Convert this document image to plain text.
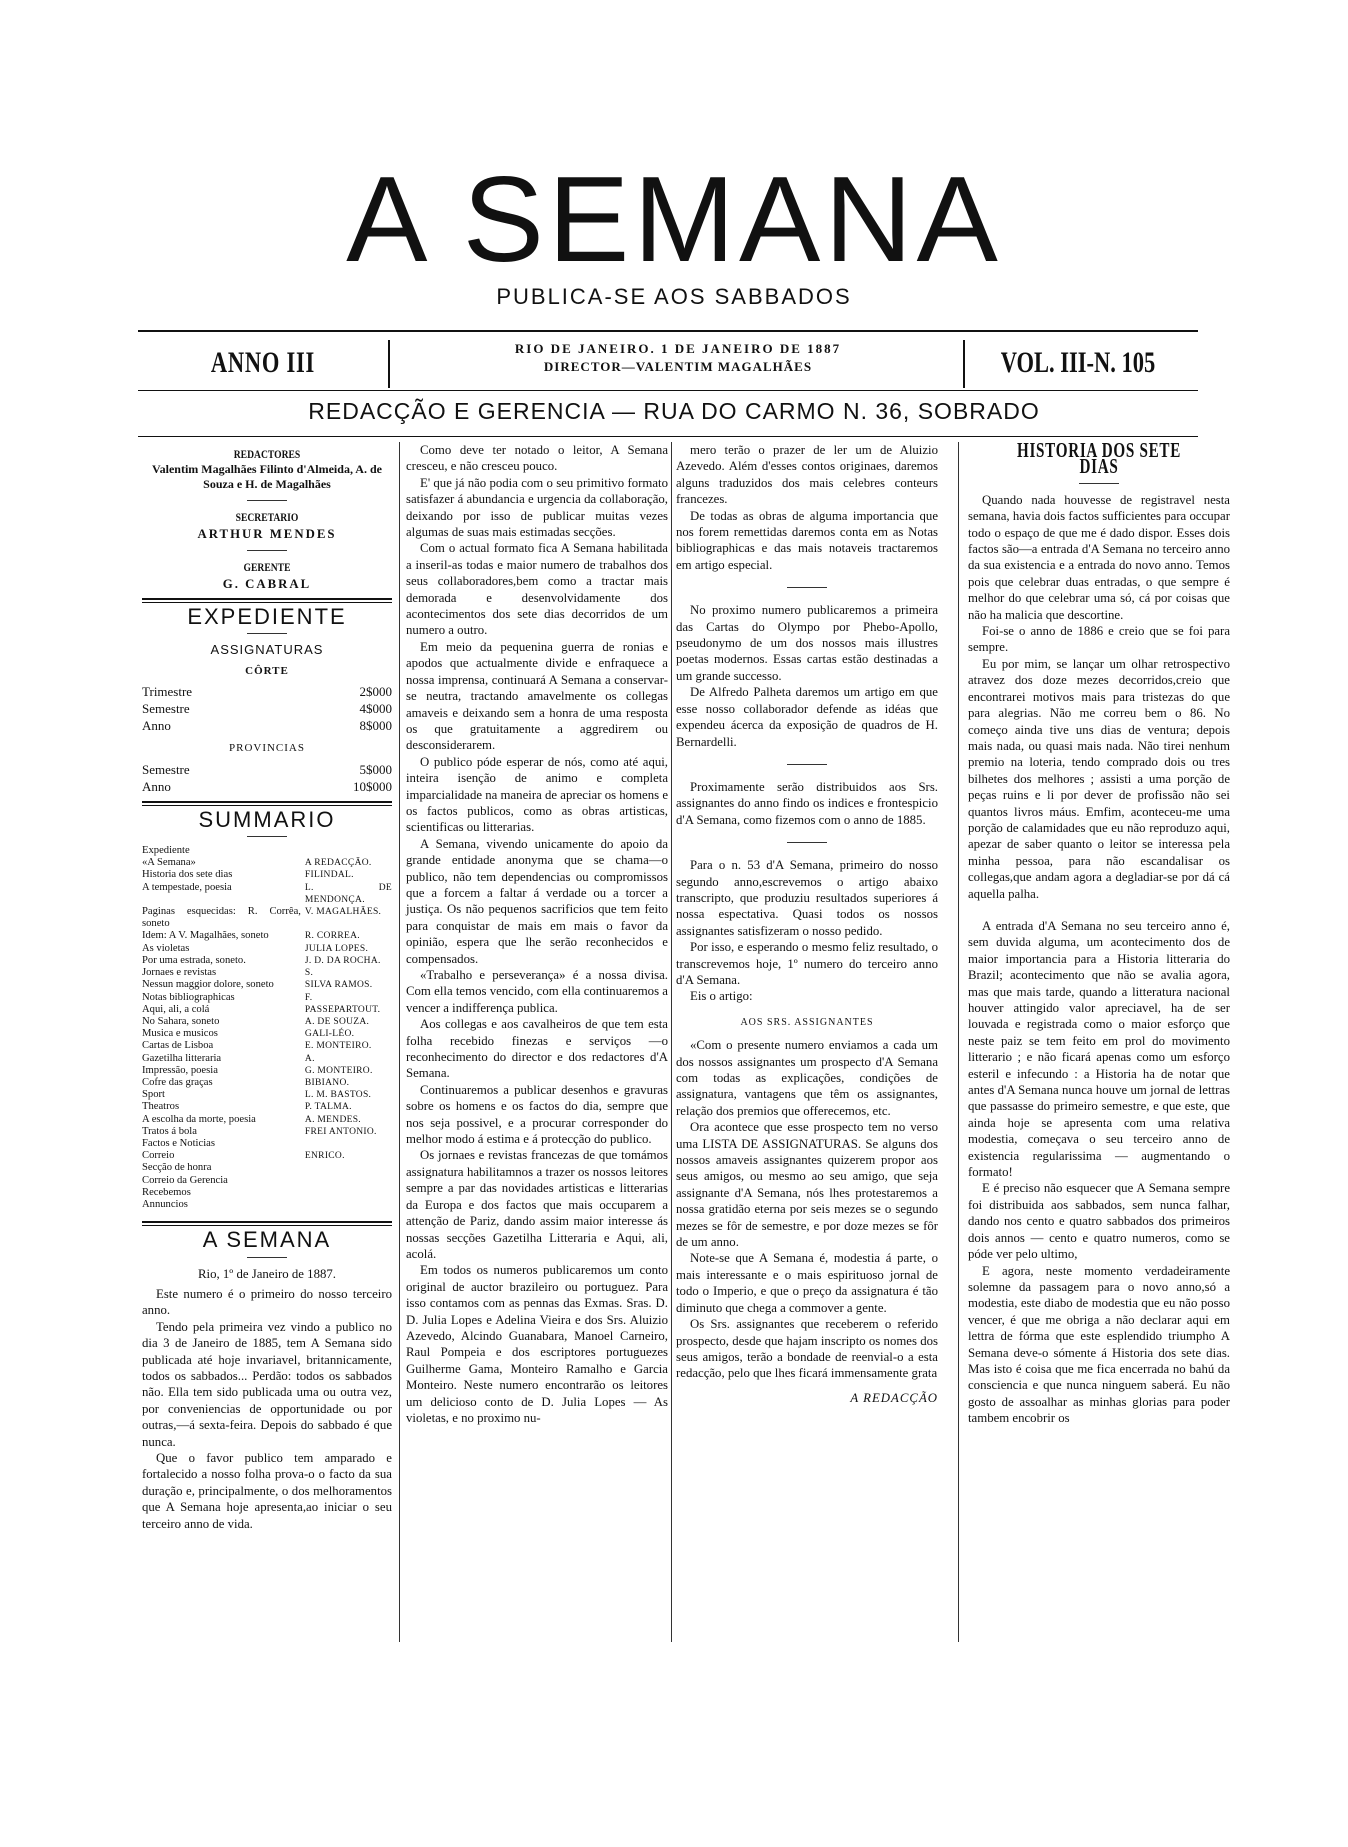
A SEMANA
PUBLICA-SE AOS SABBADOS
ANNO III	RIO DE JANEIRO. 1 DE JANEIRO DE 1887
DIRECTOR—VALENTIM MAGALHÃES	VOL. III-N. 105
REDACÇÃO E GERENCIA — RUA DO CARMO N. 36, SOBRADO

REDACTORES

Valentim Magalhães Filinto d'Almeida, A. de Souza e H. de Magalhães

SECRETARIO

ARTHUR MENDES

GERENTE

G. CABRAL

EXPEDIENTE

ASSIGNATURAS

CÔRTE

Trimestre	2$000
Semestre	4$000
Anno	8$000

PROVINCIAS

Semestre	5$000
Anno	10$000
SUMMARIO
Expediente	
«A Semana»	A REDACÇÃO.
Historia dos sete dias	FILINDAL.
A tempestade, poesia	L. DE MENDONÇA.
Paginas esquecidas: R. Corrêa, soneto	V. MAGALHÃES.
Idem: A V. Magalhães, soneto	R. CORREA.
As violetas	JULIA LOPES.
Por uma estrada, soneto.	J. D. DA ROCHA.
Jornaes e revistas	S.
Nessun maggior dolore, soneto	SILVA RAMOS.
Notas bibliographicas	F.
Aqui, ali, a colá	PASSEPARTOUT.
No Sahara, soneto	A. DE SOUZA.
Musica e musicos	GALI-LÉO.
Cartas de Lisboa	E. MONTEIRO.
Gazetilha litteraria	A.
Impressão, poesia	G. MONTEIRO.
Cofre das graças	BIBIANO.
Sport	L. M. BASTOS.
Theatros	P. TALMA.
A escolha da morte, poesia	A. MENDES.
Tratos á bola	FREI ANTONIO.
Factos e Noticias	
Correio	ENRICO.
Secção de honra	
Correio da Gerencia	
Recebemos	
Annuncios	
A SEMANA

Rio, 1º de Janeiro de 1887.

Este numero é o primeiro do nosso terceiro anno.

Tendo pela primeira vez vindo a publico no dia 3 de Janeiro de 1885, tem A Semana sido publicada até hoje invariavel, britannicamente, todos os sabbados... Perdão: todos os sabbados não. Ella tem sido publicada uma ou outra vez, por conveniencias de opportunidade ou por outras,—á sexta-feira. Depois do sabbado é que nunca.

Que o favor publico tem amparado e fortalecido a nosso folha prova-o o facto da sua duração e, principalmente, o dos melhoramentos que A Semana hoje apresenta,ao iniciar o seu terceiro anno de vida.

Como deve ter notado o leitor, A Semana cresceu, e não cresceu pouco.

E' que já não podia com o seu primitivo formato satisfazer á abundancia e urgencia da collaboração, deixando por isso de publicar muitas vezes algumas de suas mais estimadas secções.

Com o actual formato fica A Semana habilitada a inseril-as todas e maior numero de trabalhos dos seus collaboradores,bem como a tractar mais demorada e desenvolvidamente dos acontecimentos dos sete dias decorridos de um numero a outro.

Em meio da pequenina guerra de ronias e apodos que actualmente divide e enfraquece a nossa imprensa, continuará A Semana a conservar-se neutra, tractando amavelmente os collegas amaveis e deixando sem a honra de uma resposta os que gratuitamente a aggredirem ou desconsiderarem.

O publico póde esperar de nós, como até aqui, inteira isenção de animo e completa imparcialidade na maneira de apreciar os homens e os factos publicos, como as obras artisticas, scientificas ou litterarias.

A Semana, vivendo unicamente do apoio da grande entidade anonyma que se chama—o publico, não tem dependencias ou compromissos que a forcem a faltar á verdade ou a torcer a justiça. Os não pequenos sacrificios que tem feito para conquistar de mais em mais o favor da opinião, espera que lhe serão reconhecidos e compensados.

«Trabalho e perseverança» é a nossa divisa. Com ella temos vencido, com ella continuaremos a vencer a indifferença publica.

Aos collegas e aos cavalheiros de que tem esta folha recebido finezas e serviços —o reconhecimento do director e dos redactores d'A Semana.

Continuaremos a publicar desenhos e gravuras sobre os homens e os factos do dia, sempre que nos seja possivel, e a procurar corresponder do melhor modo á estima e á protecção do publico.

Os jornaes e revistas francezas de que tomámos assignatura habilitamnos a trazer os nossos leitores sempre a par das novidades artisticas e litterarias da Europa e dos factos que mais occuparem a attenção de Pariz, dando assim maior interesse ás nossas secções Gazetilha Litteraria e Aqui, ali, acolá.

Em todos os numeros publicaremos um conto original de auctor brazileiro ou portuguez. Para isso contamos com as pennas das Exmas. Sras. D. D. Julia Lopes e Adelina Vieira e dos Srs. Aluizio Azevedo, Alcindo Guanabara, Manoel Carneiro, Raul Pompeia e dos escriptores portuguezes Guilherme Gama, Monteiro Ramalho e Garcia Monteiro. Neste numero encontrarão os leitores um delicioso conto de D. Julia Lopes — As violetas, e no proximo nu-

mero terão o prazer de ler um de Aluizio Azevedo. Além d'esses contos originaes, daremos alguns traduzidos dos mais celebres conteurs francezes.

De todas as obras de alguma importancia que nos forem remettidas daremos conta em as Notas bibliographicas e das mais notaveis tractaremos em artigo especial.

No proximo numero publicaremos a primeira das Cartas do Olympo por Phebo-Apollo, pseudonymo de um dos nossos mais illustres poetas modernos. Essas cartas estão destinadas a um grande successo.

De Alfredo Palheta daremos um artigo em que esse nosso collaborador defende as idéas que expendeu ácerca da exposição de quadros de H. Bernardelli.

Proximamente serão distribuidos aos Srs. assignantes do anno findo os indices e frontespicio d'A Semana, como fizemos com o anno de 1885.

Para o n. 53 d'A Semana, primeiro do nosso segundo anno,escrevemos o artigo abaixo transcripto, que produziu resultados superiores á nossa espectativa. Quasi todos os nossos assignantes satisfizeram o nosso pedido.

Por isso, e esperando o mesmo feliz resultado, o transcrevemos hoje, 1º numero do terceiro anno d'A Semana.

Eis o artigo:

AOS SRS. ASSIGNANTES

«Com o presente numero enviamos a cada um dos nossos assignantes um prospecto d'A Semana com todas as explicações, condições de assignatura, vantagens que têm os assignantes, relação dos premios que offerecemos, etc.

Ora acontece que esse prospecto tem no verso uma LISTA DE ASSIGNATURAS. Se alguns dos nossos amaveis assignantes quizerem propor aos seus amigos, ou mesmo ao seu amigo, que seja assignante d'A Semana, nós lhes protestaremos a nossa gratidão eterna por seis mezes se o segundo mezes se fôr de semestre, e por doze mezes se fôr de um anno.

Note-se que A Semana é, modestia á parte, o mais interessante e o mais espirituoso jornal de todo o Imperio, e que o preço da assignatura é tão diminuto que chega a commover a gente.

Os Srs. assignantes que receberem o referido prospecto, desde que hajam inscripto os nomes dos seus amigos, terão a bondade de reenvial-o a esta redacção, pelo que lhes ficará immensamente grata

A REDACÇÃO
HISTORIA DOS SETE DIAS

Quando nada houvesse de registravel nesta semana, havia dois factos sufficientes para occupar todo o espaço de que me é dado dispor. Esses dois factos são—a entrada d'A Semana no terceiro anno da sua existencia e a entrada do novo anno. Temos pois que celebrar duas entradas, o que sempre é melhor do que celebrar uma só, cá por coisas que não ha malicia que descortine.

Foi-se o anno de 1886 e creio que se foi para sempre.

Eu por mim, se lançar um olhar retrospectivo atravez dos doze mezes decorridos,creio que encontrarei motivos mais para tristezas do que para alegrias. Não me correu bem o 86. No começo ainda tive uns dias de ventura; depois mais nada, ou quasi mais nada. Não tirei nenhum premio na loteria, tendo comprado dois ou tres bilhetes dos melhores ; assisti a uma porção de peças ruins e li por dever de profissão não sei quantos livros máus. Emfim, aconteceu-me uma porção de calamidades que eu não reproduzo aqui, apezar de saber quanto o leitor se interessa pela minha pessoa, para não escandalisar os collegas,que andam agora a degladiar-se por dá cá aquella palha.

A entrada d'A Semana no seu terceiro anno é, sem duvida alguma, um acontecimento dos de maior importancia para a Historia litteraria do Brazil; acontecimento que não se avalia agora, mas que mais tarde, quando a litteratura nacional houver attingido valor apreciavel, ha de ser louvada e registrada como o maior esforço que neste paiz se tem feito em prol do movimento litterario ; e não ficará apenas como um esforço esteril e infecundo : a Historia ha de notar que antes d'A Semana nunca houve um jornal de lettras que passasse do primeiro semestre, e que este, que ainda hoje se apresenta com uma relativa modestia, começava o seu terceiro anno de existencia regularissima — augmentando o formato!

E é preciso não esquecer que A Semana sempre foi distribuida aos sabbados, sem nunca falhar, dando nos cento e quatro sabbados dos primeiros dois annos — cento e quatro numeros, como se póde ver pelo ultimo,

E agora, neste momento verdadeiramente solemne da passagem para o novo anno,só a modestia, este diabo de modestia que eu não posso vencer, é que me obriga a não declarar aqui em lettra de fórma que este esplendido triumpho A Semana deve-o sómente á Historia dos sete dias. Mas isto é coisa que me fica encerrada no bahú da consciencia e que nunca ninguem saberá. Eu não gosto de assoalhar as minhas glorias para poder tambem encobrir os
